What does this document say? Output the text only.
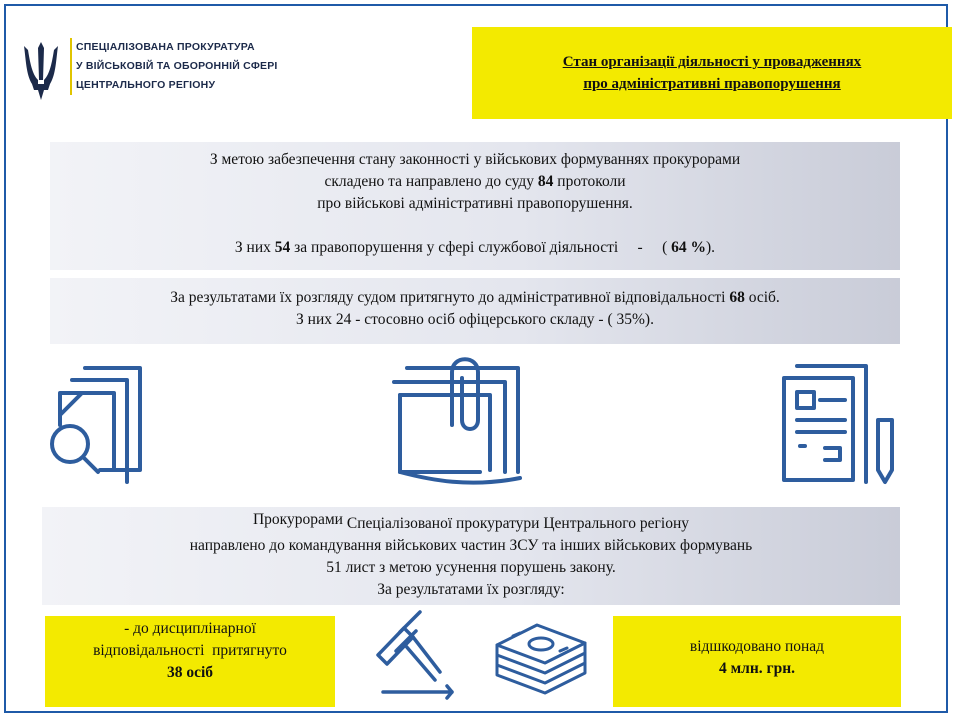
СПЕЦІАЛІЗОВАНА ПРОКУРАТУРА
У ВІЙСЬКОВІЙ ТА ОБОРОННІЙ СФЕРІ
ЦЕНТРАЛЬНОГО РЕГІОНУ
Стан організації діяльності у провадженнях
про адміністративні правопорушення
З метою забезпечення стану законності у військових формуваннях прокурорами
складено та направлено до суду 84 протоколи
про військові адміністративні правопорушення.
З них 54 за правопорушення у сфері службової діяльності     -     ( 64 %).
За результатами їх розгляду судом притягнуто до адміністративної відповідальності 68 осіб.
З них 24 - стосовно осіб офіцерського складу - ( 35%).
Прокурорами Спеціалізованої прокуратури Центрального регіону
направлено до командування військових частин ЗСУ та інших військових формувань
51 лист з метою усунення порушень закону.
За результатами їх розгляду:
- до дисциплінарної
відповідальності  притягнуто
38 осіб
відшкодовано понад
4 млн. грн.
